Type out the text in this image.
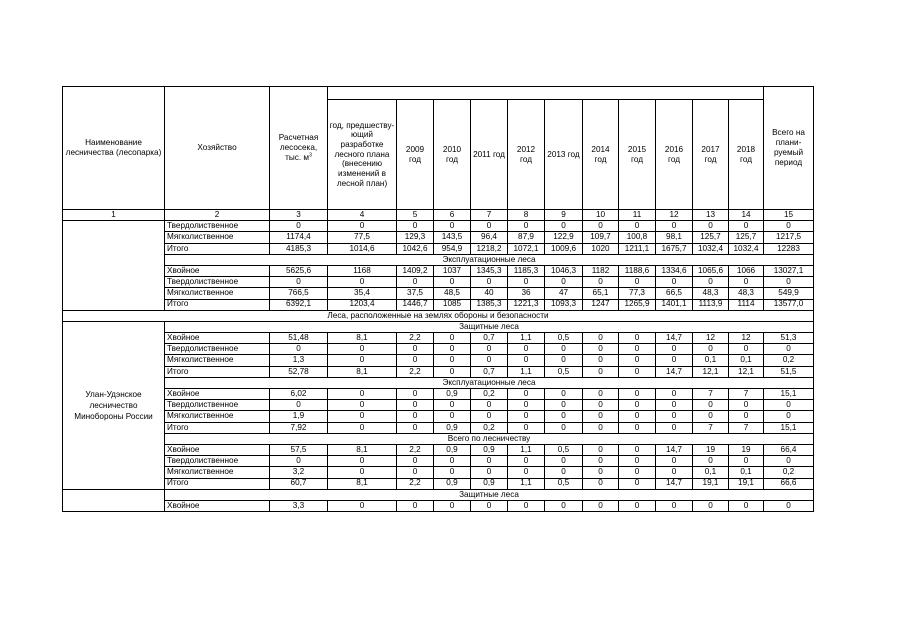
Наименование лесничества (лесопарка)	Хозяйство	Расчетная лесосека, тыс. $м^3$												Всего на плани-руемый период
			год, предшеству-ющий разработке лесного плана (внесению изменений в лесной план)	2009 год	2010 год	2011 год	2012 год	2013 год	2014 год	2015 год	2016 год	2017 год	2018 год	
1	2	3	4	5	6	7	8	9	10	11	12	13	14	15
	Твердолиственное	0	0	0	0	0	0	0	0	0	0	0	0	0
	Мягколиственное	1174,4	77,5	129,3	143,5	96,4	87,9	122,9	109,7	100,8	98,1	125,7	125,7	1217,5
	Итого	4185,3	1014,6	1042,6	954,9	1218,2	1072,1	1009,6	1020	1211,1	1675,7	1032,4	1032,4	12283
	Эксплуатационные леса													
	Хвойное	5625,6	1168	1409,2	1037	1345,3	1185,3	1046,3	1182	1188,6	1334,6	1065,6	1066	13027,1
	Твердолиственное	0	0	0	0	0	0	0	0	0	0	0	0	0
	Мягколиственное	766,5	35,4	37,5	48,5	40	36	47	65,1	77,3	66,5	48,3	48,3	549,9
	Итого	6392,1	1203,4	1446,7	1085	1385,3	1221,3	1093,3	1247	1265,9	1401,1	1113,9	1114	13577,0
Леса, расположенные на землях обороны и безопасности														
Улан-Удэнское лесничество Минобороны России	Защитные леса													
	Хвойное	51,48	8,1	2,2	0	0,7	1,1	0,5	0	0	14,7	12	12	51,3
	Твердолиственное	0	0	0	0	0	0	0	0	0	0	0	0	0
	Мягколиственное	1,3	0	0	0	0	0	0	0	0	0	0,1	0,1	0,2
	Итого	52,78	8,1	2,2	0	0,7	1,1	0,5	0	0	14,7	12,1	12,1	51,5
	Эксплуатационные леса													
	Хвойное	6,02	0	0	0,9	0,2	0	0	0	0	0	7	7	15,1
	Твердолиственное	0	0	0	0	0	0	0	0	0	0	0	0	0
	Мягколиственное	1,9	0	0	0	0	0	0	0	0	0	0	0	0
	Итого	7,92	0	0	0,9	0,2	0	0	0	0	0	7	7	15,1
	Всего по лесничеству													
	Хвойное	57,5	8,1	2,2	0,9	0,9	1,1	0,5	0	0	14,7	19	19	66,4
	Твердолиственное	0	0	0	0	0	0	0	0	0	0	0	0	0
	Мягколиственное	3,2	0	0	0	0	0	0	0	0	0	0,1	0,1	0,2
	Итого	60,7	8,1	2,2	0,9	0,9	1,1	0,5	0	0	14,7	19,1	19,1	66,6
	Защитные леса													
	Хвойное	3,3	0	0	0	0	0	0	0	0	0	0	0	0
